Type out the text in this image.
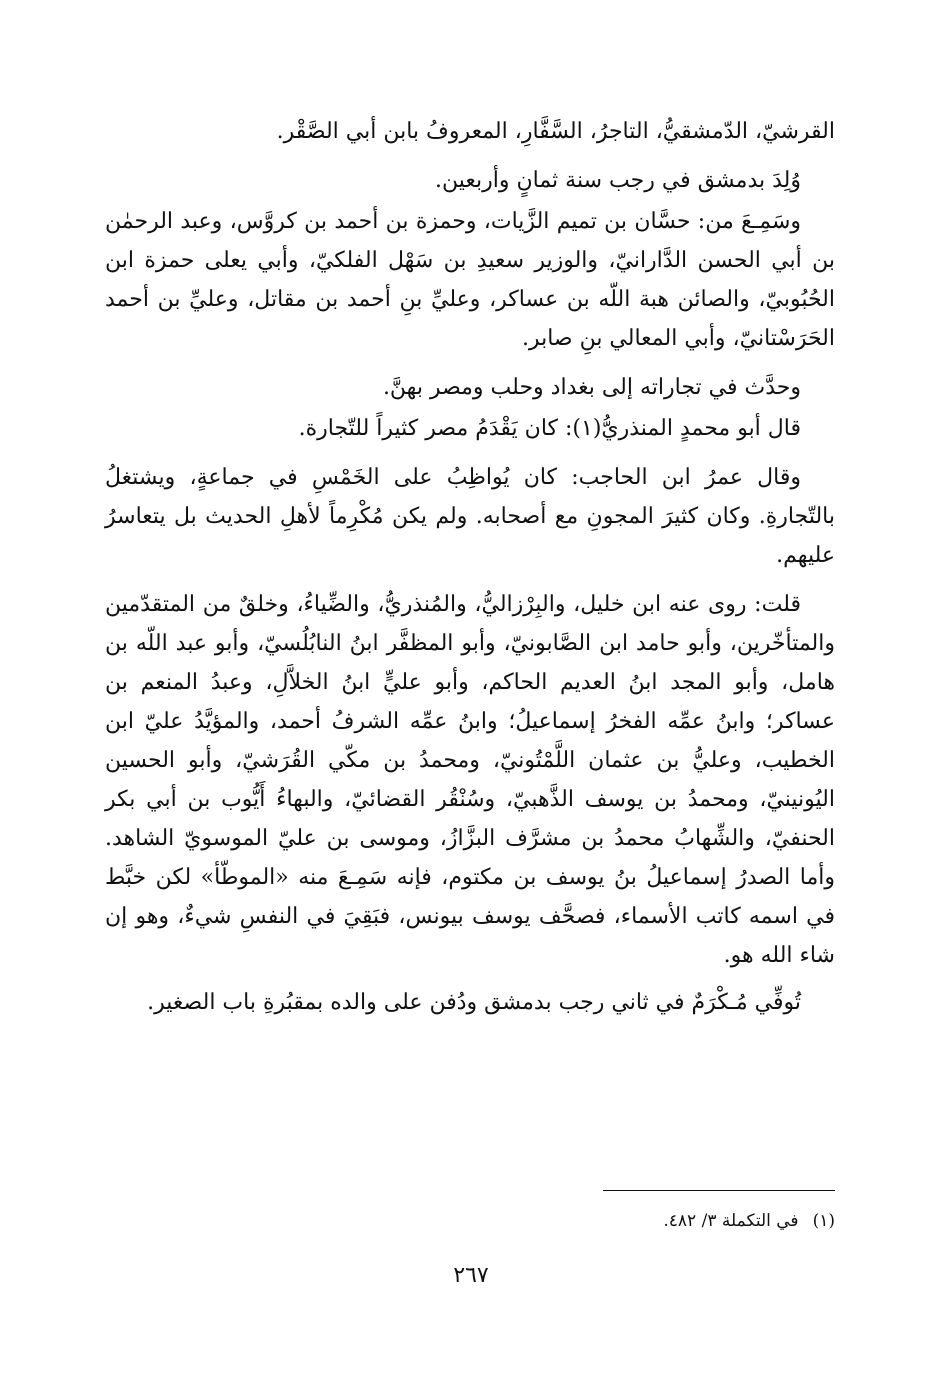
القرشيّ، الدّمشقيُّ، التاجرُ، السَّفَّارِ، المعروفُ بابن أبي الصَّقْر.

وُلِدَ بدمشق في رجب سنة ثمانٍ وأربعين.

وسَمِـعَ من: حسَّان بن تميم الزَّيات، وحمزة بن أحمد بن كروَّس، وعبد الرحمٰن بن أبي الحسن الدَّارانيّ، والوزير سعيدِ بن سَهْل الفلكيّ، وأبي يعلى حمزة ابن الحُبُوبيّ، والصائن هبة اللّه بن عساكر، وعليِّ بنِ أحمد بن مقاتل، وعليِّ بن أحمد الحَرَسْتانيّ، وأبي المعالي بنِ صابر.

وحدَّث في تجاراته إلى بغداد وحلب ومصر بهنَّ.

قال أبو محمدٍ المنذريُّ(١): كان يَقْدَمُ مصر كثيراً للتّجارة.

وقال عمرُ ابن الحاجب: كان يُواظِبُ على الخَمْسِ في جماعةٍ، ويشتغلُ بالتّجارةِ. وكان كثيرَ المجونِ مع أصحابه. ولم يكن مُكْرِماً لأهلِ الحديث بل يتعاسرُ عليهم.

قلت: روى عنه ابن خليل، والبِرْزاليُّ، والمُنذريُّ، والضِّياءُ، وخلقٌ من المتقدّمين والمتأخّرين، وأبو حامد ابن الصَّابونيّ، وأبو المظفَّر ابنُ النابُلُسيّ، وأبو عبد اللّه بن هامل، وأبو المجد ابنُ العديم الحاكم، وأبو عليٍّ ابنُ الخلاَّلِ، وعبدُ المنعم بن عساكر؛ وابنُ عمِّه الفخرُ إسماعيلُ؛ وابنُ عمِّه الشرفُ أحمد، والمؤيَّدُ عليّ ابن الخطيب، وعليُّ بن عثمان اللَّمْتُونيّ، ومحمدُ بن مكّي القُرَشيّ، وأبو الحسين اليُونينيّ، ومحمدُ بن يوسف الذَّهبيّ، وسُنْقُر القضائيّ، والبهاءُ أَيُّوب بن أبي بكر الحنفيّ، والشِّهابُ محمدُ بن مشرَّف البزَّازُ، وموسى بن عليّ الموسويّ الشاهد. وأما الصدرُ إسماعيلُ بنُ يوسف بن مكتوم، فإنه سَمِـعَ منه «الموطّأ» لكن خبَّط في اسمه كاتب الأسماء، فصحَّف يوسف بيونس، فبَقِيَ في النفسِ شيءٌ، وهو إن شاء الله هو.

تُوفِّي مُـكْرَمٌ في ثاني رجب بدمشق ودُفن على والده بمقبُرةِ باب الصغير.

(١)في التكملة ٣/ ٤٨٢.
٢٦٧
